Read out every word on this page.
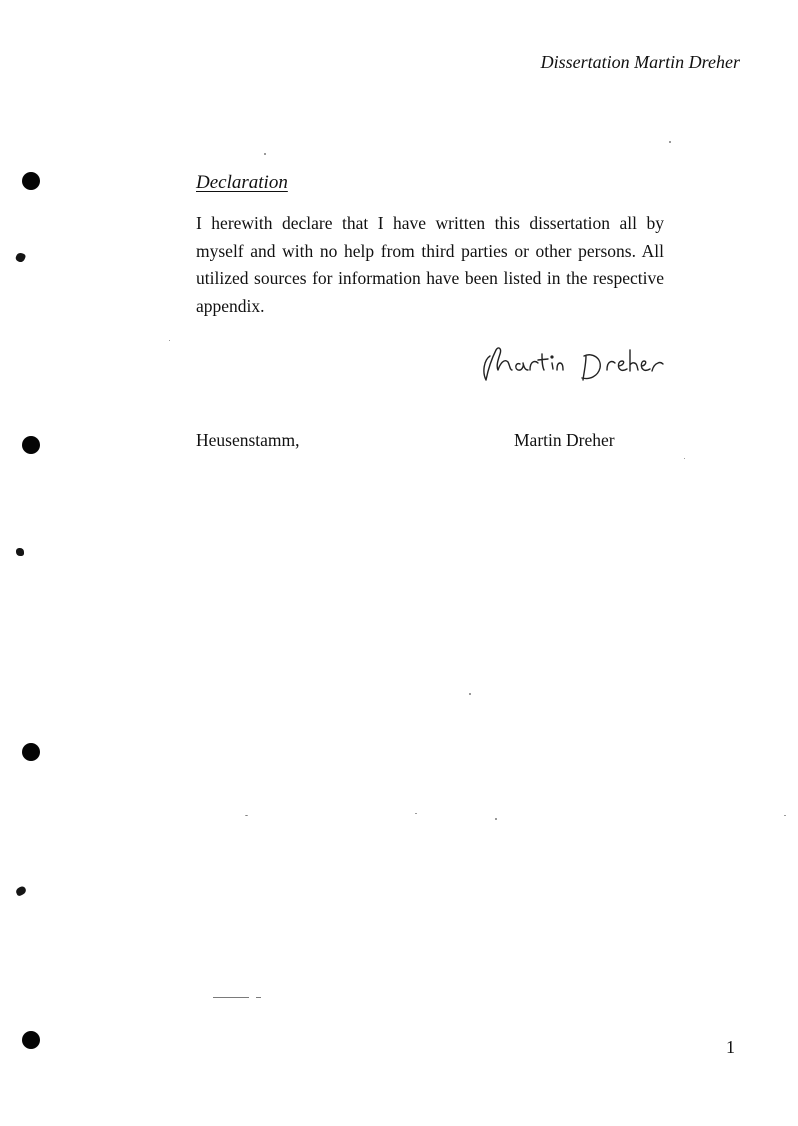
Dissertation Martin Dreher
Declaration

I herewith declare that I have written this dissertation all by myself and with no help from third parties or other persons. All utilized sources for information have been listed in the respective appendix.

Heusenstamm,	Martin Dreher
1
